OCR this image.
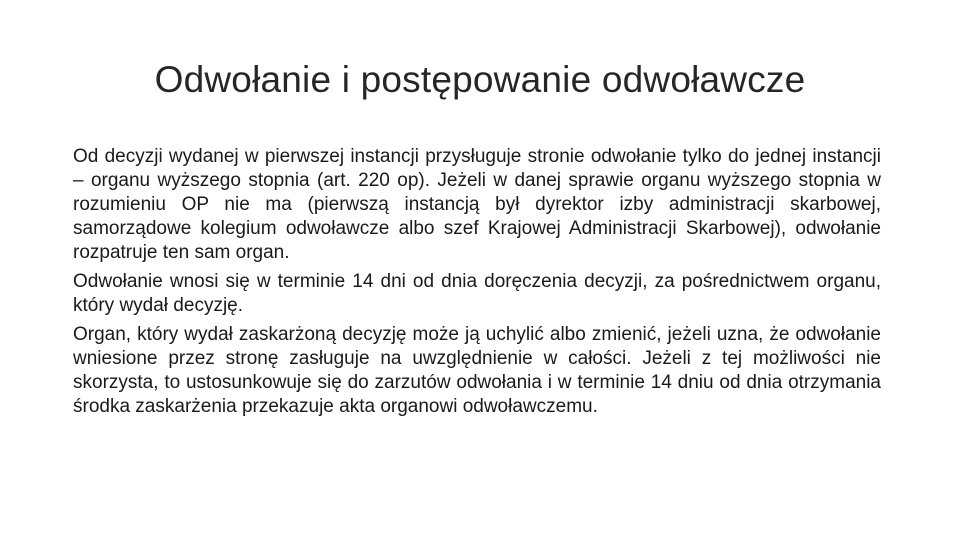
Odwołanie i postępowanie odwoławcze

Od decyzji wydanej w pierwszej instancji przysługuje stronie odwołanie tylko do jednej instancji – organu wyższego stopnia (art. 220 op). Jeżeli w danej sprawie organu wyższego stopnia w rozumieniu OP nie ma (pierwszą instancją był dyrektor izby administracji skarbowej, samorządowe kolegium odwoławcze albo szef Krajowej Administracji Skarbowej), odwołanie rozpatruje ten sam organ.

Odwołanie wnosi się w terminie 14 dni od dnia doręczenia decyzji, za pośrednictwem organu, który wydał decyzję.

Organ, który wydał zaskarżoną decyzję może ją uchylić albo zmienić, jeżeli uzna, że odwołanie wniesione przez stronę zasługuje na uwzględnienie w całości. Jeżeli z tej możliwości nie skorzysta, to ustosunkowuje się do zarzutów odwołania i w terminie 14 dniu od dnia otrzymania środka zaskarżenia przekazuje akta organowi odwoławczemu.
